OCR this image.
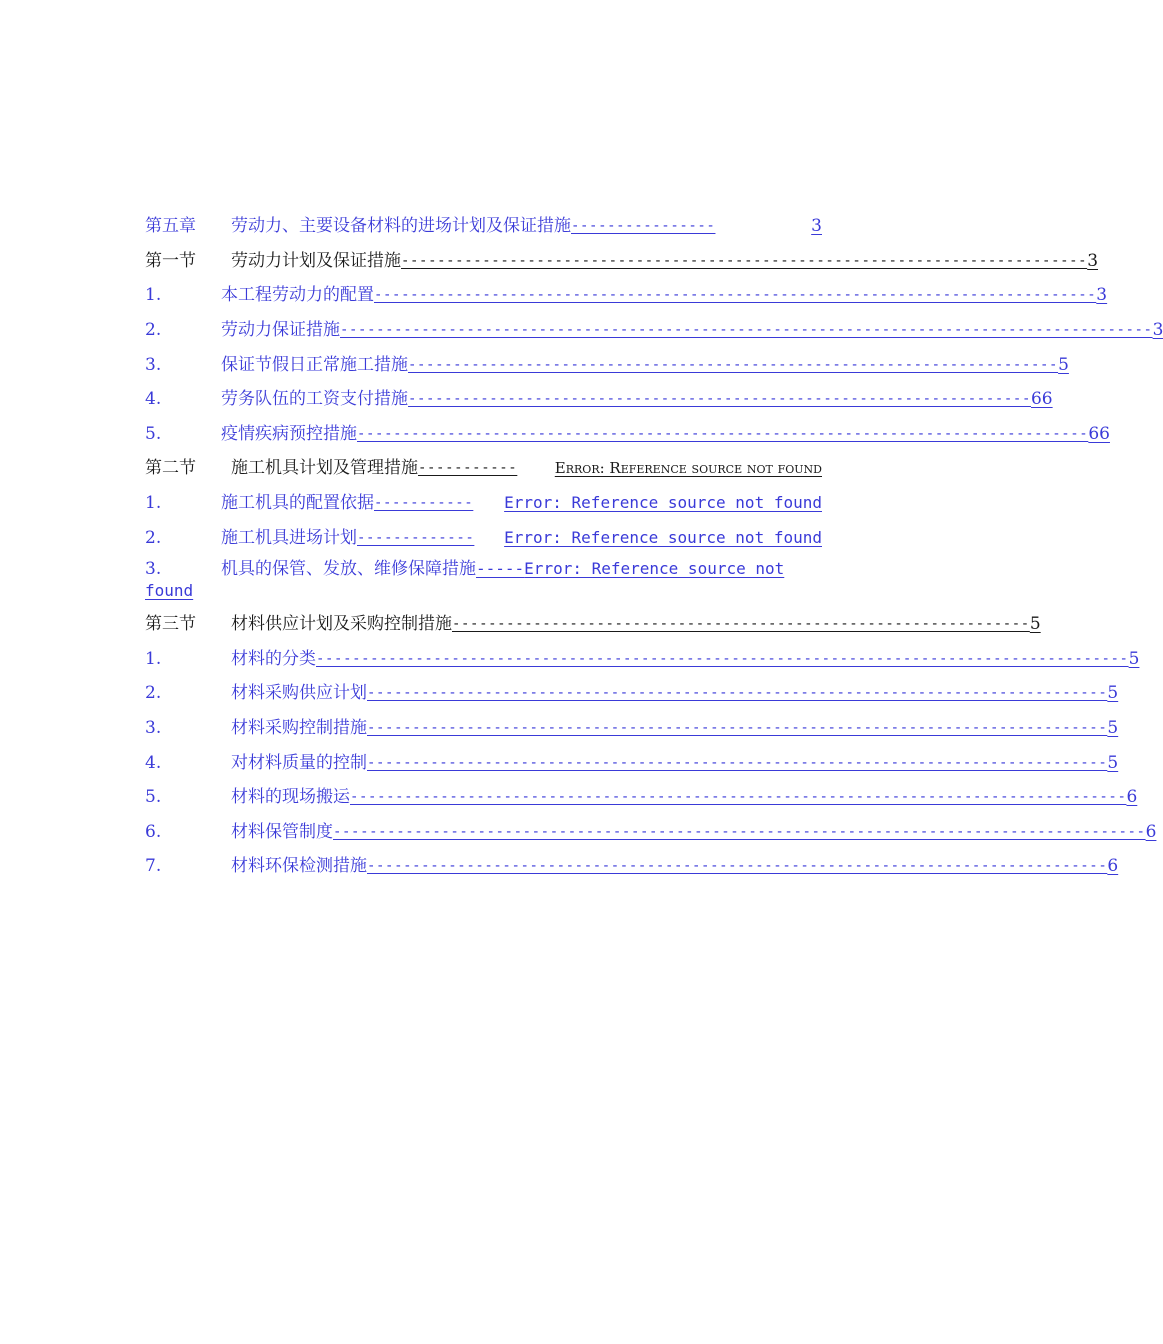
第五章	劳动力、主要设备材料的进场计划及保证措施 ----------------	3
第一节	劳动力计划及保证措施 ---------------------------------------------------------------------------- 3
1.	本工程劳动力的配置 -------------------------------------------------------------------------------- 3
2.	劳动力保证措施 ------------------------------------------------------------------------------------------ 3
3.	保证节假日正常施工措施 ------------------------------------------------------------------------ 5
4.	劳务队伍的工资支付措施 --------------------------------------------------------------------- 66
5.	疫情疾病预控措施 --------------------------------------------------------------------------------- 66
第二节	施工机具计划及管理措施 -----------	Error: Reference source not found
1.	施工机具的配置依据 -----------	Error: Reference source not found
2.	施工机具进场计划 -------------	Error: Reference source not found
3.	机具的保管、发放、维修保障措施-----Error: Reference source not found
第三节	材料供应计划及采购控制措施 ---------------------------------------------------------------- 5
1.	材料的分类 ------------------------------------------------------------------------------------------ 5
2.	材料采购供应计划 ---------------------------------------------------------------------------------- 5
3.	材料采购控制措施 ---------------------------------------------------------------------------------- 5
4.	对材料质量的控制 ---------------------------------------------------------------------------------- 5
5.	材料的现场搬运 -------------------------------------------------------------------------------------- 6
6.	材料保管制度 ------------------------------------------------------------------------------------------ 6
7.	材料环保检测措施 ---------------------------------------------------------------------------------- 6
